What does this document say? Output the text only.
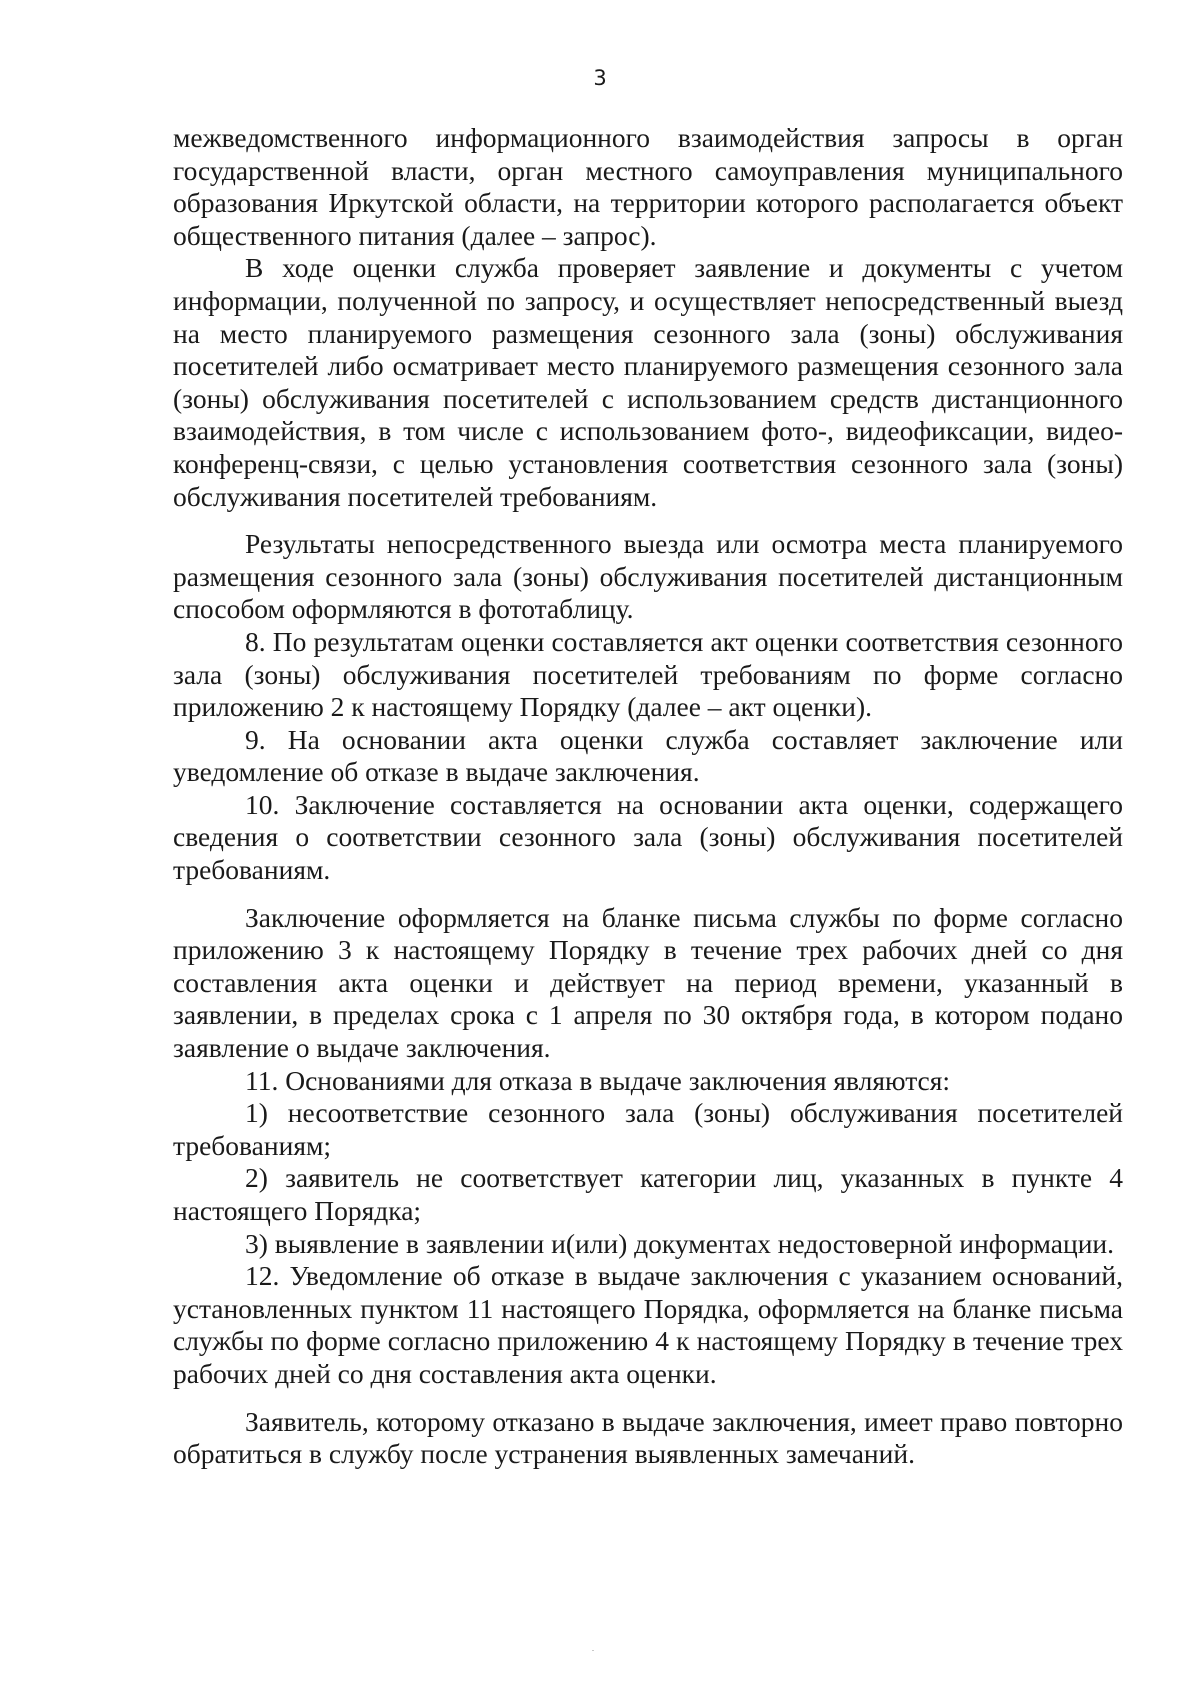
3

межведомственного информационного взаимодействия запросы в орган государственной власти, орган местного самоуправления муниципального образования Иркутской области, на территории которого располагается объект общественного питания (далее – запрос).

В ходе оценки служба проверяет заявление и документы с учетом информации, полученной по запросу, и осуществляет непосредственный выезд на место планируемого размещения сезонного зала (зоны) обслуживания посетителей либо осматривает место планируемого размещения сезонного зала (зоны) обслуживания посетителей с использованием средств дистанционного взаимодействия, в том числе с использованием фото-, видеофиксации, видео-конференц-связи, с целью установления соответствия сезонного зала (зоны) обслуживания посетителей требованиям.

Результаты непосредственного выезда или осмотра места планируемого размещения сезонного зала (зоны) обслуживания посетителей дистанционным способом оформляются в фототаблицу.

8. По результатам оценки составляется акт оценки соответствия сезонного зала (зоны) обслуживания посетителей требованиям по форме согласно приложению 2 к настоящему Порядку (далее – акт оценки).

9. На основании акта оценки служба составляет заключение или уведомление об отказе в выдаче заключения.

10. Заключение составляется на основании акта оценки, содержащего сведения о соответствии сезонного зала (зоны) обслуживания посетителей требованиям.

Заключение оформляется на бланке письма службы по форме согласно приложению 3 к настоящему Порядку в течение трех рабочих дней со дня составления акта оценки и действует на период времени, указанный в заявлении, в пределах срока с 1 апреля по 30 октября года, в котором подано заявление о выдаче заключения.

11. Основаниями для отказа в выдаче заключения являются:

1) несоответствие сезонного зала (зоны) обслуживания посетителей требованиям;

2) заявитель не соответствует категории лиц, указанных в пункте 4 настоящего Порядка;

3) выявление в заявлении и(или) документах недостоверной информации.

12. Уведомление об отказе в выдаче заключения с указанием оснований, установленных пунктом 11 настоящего Порядка, оформляется на бланке письма службы по форме согласно приложению 4 к настоящему Порядку в течение трех рабочих дней со дня составления акта оценки.

Заявитель, которому отказано в выдаче заключения, имеет право повторно обратиться в службу после устранения выявленных замечаний.
